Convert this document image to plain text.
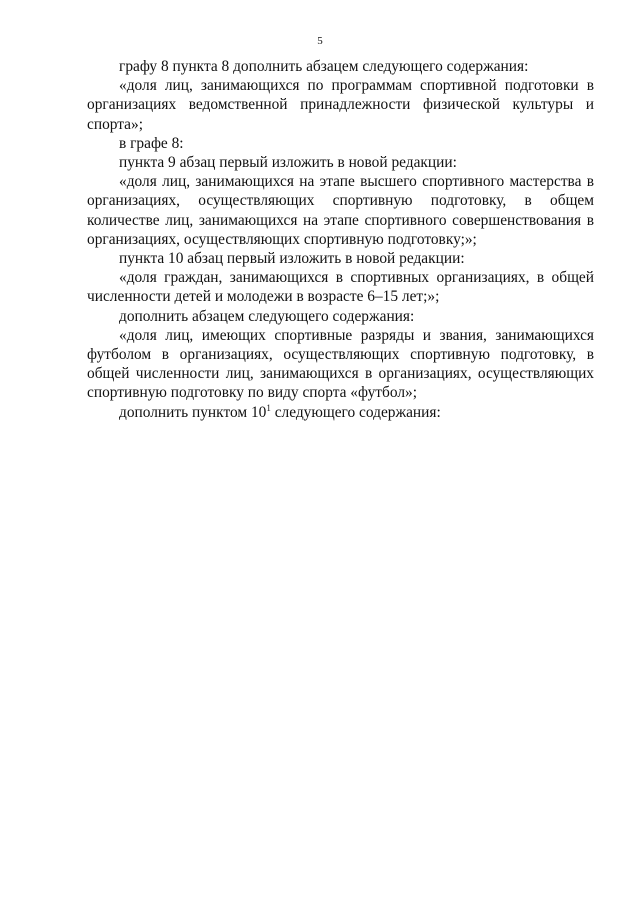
5

графу 8 пункта 8 дополнить абзацем следующего содержания:

«доля лиц, занимающихся по программам спортивной подготовки в организациях ведомственной принадлежности физической культуры и спорта»;

в графе 8:

пункта 9 абзац первый изложить в новой редакции:

«доля лиц, занимающихся на этапе высшего спортивного мастерства в организациях, осуществляющих спортивную подготовку, в общем количестве лиц, занимающихся на этапе спортивного совершенствования в организациях, осуществляющих спортивную подготовку;»;

пункта 10 абзац первый изложить в новой редакции:

«доля граждан, занимающихся в спортивных организациях, в общей численности детей и молодежи в возрасте 6–15 лет;»;

дополнить абзацем следующего содержания:

«доля лиц, имеющих спортивные разряды и звания, занимающихся футболом в организациях, осуществляющих спортивную подготовку, в общей численности лиц, занимающихся в организациях, осуществляющих спортивную подготовку по виду спорта «футбол»;

дополнить пунктом $10^1$ следующего содержания:
